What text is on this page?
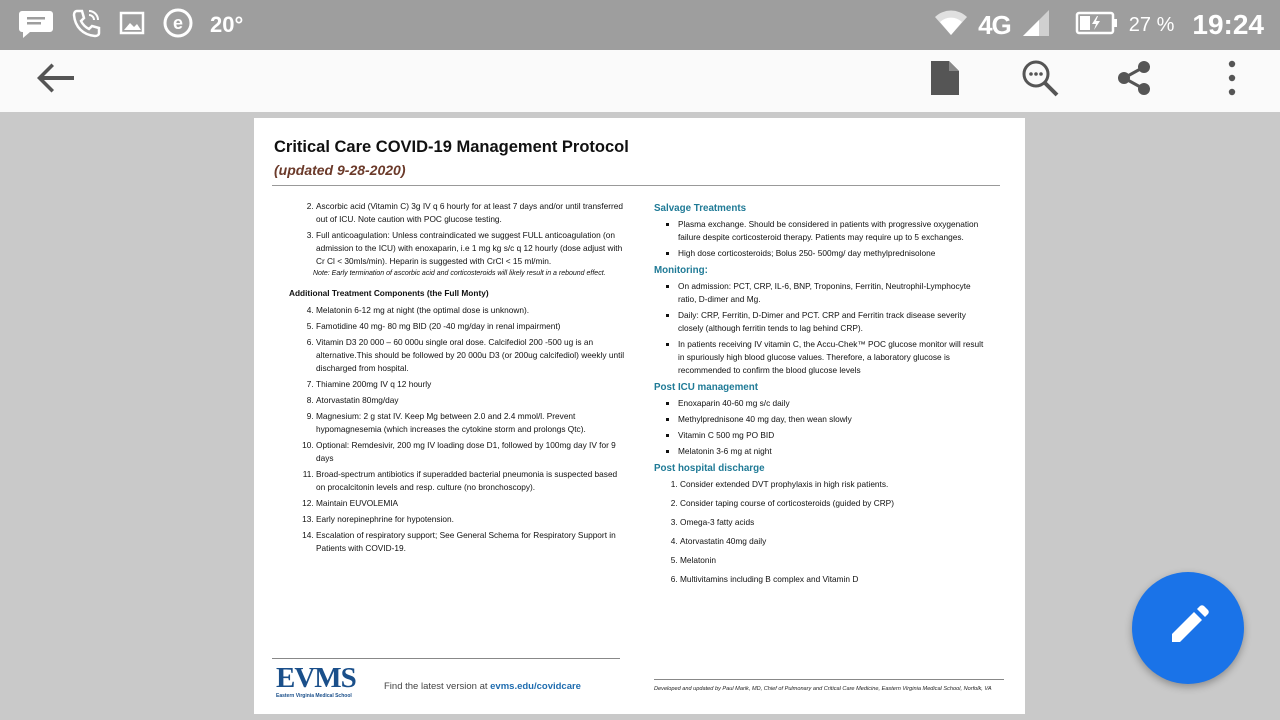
e 20°	4G	27 % 19:24
Critical Care COVID-19 Management Protocol
(updated 9-28-2020)
2. Ascorbic acid (Vitamin C) 3g IV q 6 hourly for at least 7 days and/or until transferred out of ICU. Note caution with POC glucose testing.
3. Full anticoagulation: Unless contraindicated we suggest FULL anticoagulation (on admission to the ICU) with enoxaparin, i.e 1 mg kg s/c q 12 hourly (dose adjust with Cr Cl < 30mls/min). Heparin is suggested with CrCl < 15 ml/min.
Note: Early termination of ascorbic acid and corticosteroids will likely result in a rebound effect.
Additional Treatment Components (the Full Monty)
4. Melatonin 6-12 mg at night (the optimal dose is unknown).
5. Famotidine 40 mg- 80 mg BID (20 -40 mg/day in renal impairment)
6. Vitamin D3 20 000 – 60 000u single oral dose. Calcifediol 200 -500 ug is an alternative.This should be followed by 20 000u D3 (or 200ug calcifediol) weekly until discharged from hospital.
7. Thiamine 200mg IV q 12 hourly
8. Atorvastatin 80mg/day
9. Magnesium: 2 g stat IV. Keep Mg between 2.0 and 2.4 mmol/l. Prevent hypomagnesemia (which increases the cytokine storm and prolongs Qtc).
10. Optional: Remdesivir, 200 mg IV loading dose D1, followed by 100mg day IV for 9 days
11. Broad-spectrum antibiotics if superadded bacterial pneumonia is suspected based on procalcitonin levels and resp. culture (no bronchoscopy).
12. Maintain EUVOLEMIA
13. Early norepinephrine for hypotension.
14. Escalation of respiratory support; See General Schema for Respiratory Support in Patients with COVID-19.
Salvage Treatments
▪ Plasma exchange. Should be considered in patients with progressive oxygenation failure despite corticosteroid therapy. Patients may require up to 5 exchanges.
▪ High dose corticosteroids; Bolus 250- 500mg/ day methylprednisolone
Monitoring:
▪ On admission: PCT, CRP, IL-6, BNP, Troponins, Ferritin, Neutrophil-Lymphocyte ratio, D-dimer and Mg.
▪ Daily: CRP, Ferritin, D-Dimer and PCT. CRP and Ferritin track disease severity closely (although ferritin tends to lag behind CRP).
▪ In patients receiving IV vitamin C, the Accu-Chek™ POC glucose monitor will result in spuriously high blood glucose values. Therefore, a laboratory glucose is recommended to confirm the blood glucose levels
Post ICU management
▪ Enoxaparin 40-60 mg s/c daily
▪ Methylprednisone 40 mg day, then wean slowly
▪ Vitamin C 500 mg PO BID
▪ Melatonin 3-6 mg at night
Post hospital discharge
1. Consider extended DVT prophylaxis in high risk patients.
2. Consider taping course of corticosteroids (guided by CRP)
3. Omega-3 fatty acids
4. Atorvastatin 40mg daily
5. Melatonin
6. Multivitamins including B complex and Vitamin D
EVMS
Eastern Virginia Medical School
Find the latest version at evms.edu/covidcare	Developed and updated by Paul Marik, MD, Chief of Pulmonary and Critical Care Medicine, Eastern Virginia Medical School, Norfolk, VA
